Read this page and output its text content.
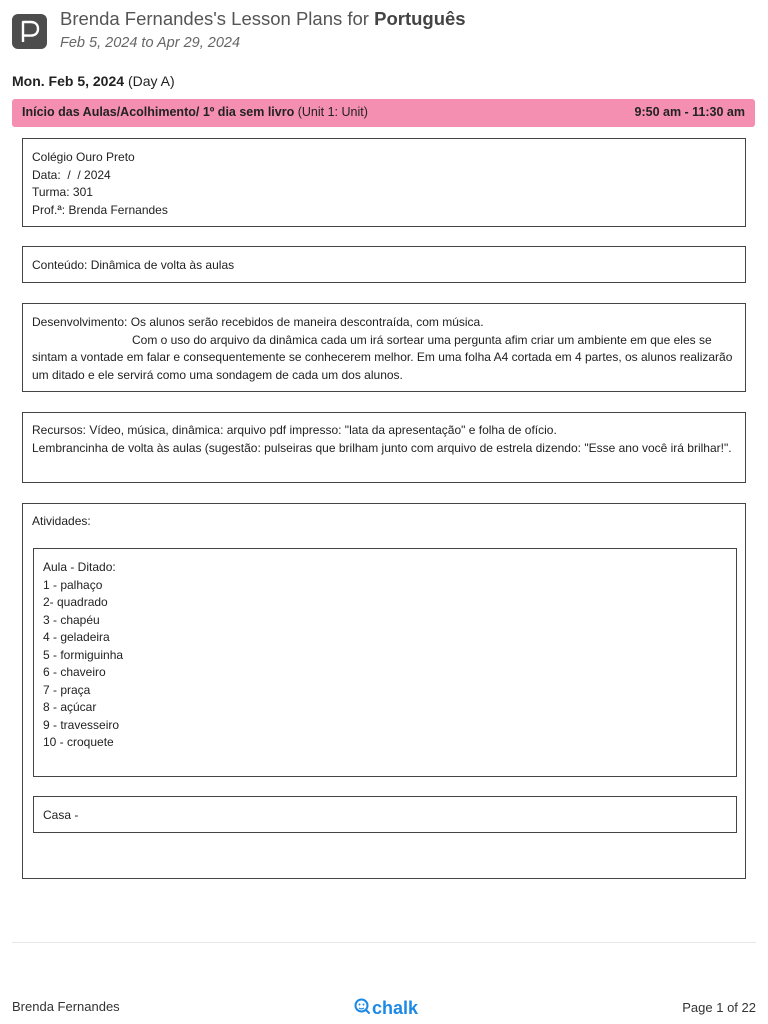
Brenda Fernandes's Lesson Plans for Português
Feb 5, 2024 to Apr 29, 2024
Mon. Feb 5, 2024 (Day A)
Início das Aulas/Acolhimento/ 1º dia sem livro (Unit 1: Unit)	9:50 am - 11:30 am
Colégio Ouro Preto
Data:  /  / 2024
Turma: 301
Prof.ª: Brenda Fernandes
Conteúdo: Dinâmica de volta às aulas
Desenvolvimento: Os alunos serão recebidos de maneira descontraída, com música.
Com o uso do arquivo da dinâmica cada um irá sortear uma pergunta afim criar um ambiente em que eles se sintam a vontade em falar e consequentemente se conhecerem melhor. Em uma folha A4 cortada em 4 partes, os alunos realizarão um ditado e ele servirá como uma sondagem de cada um dos alunos.
Recursos: Vídeo, música, dinâmica: arquivo pdf impresso: "lata da apresentação" e folha de ofício.
Lembrancinha de volta às aulas (sugestão: pulseiras que brilham junto com arquivo de estrela dizendo: "Esse ano você irá brilhar!".
Atividades:
Aula - Ditado:
1 - palhaço
2- quadrado
3 - chapéu
4 - geladeira
5 - formiguinha
6 - chaveiro
7 - praça
8 - açúcar
9 - travesseiro
10 - croquete
Casa -
Brenda Fernandes	chalk	Page 1 of 22
